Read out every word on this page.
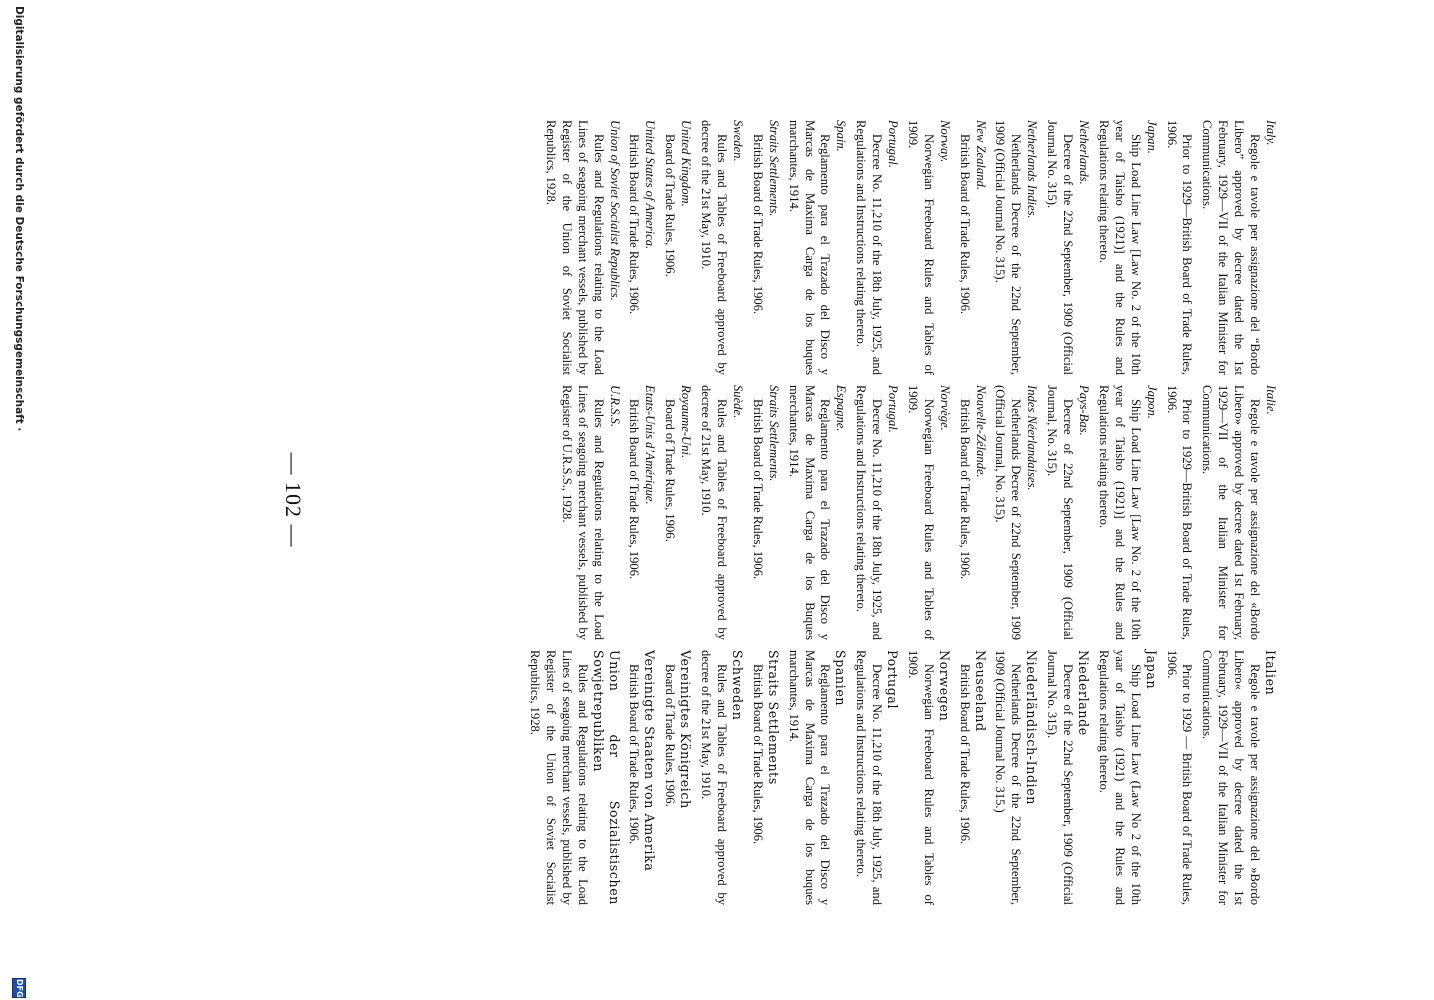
Italy.
Regole e tavole per assignazione del “Bordo Libero” approved by decree dated the 1st February, 1929—VII of the Italian Minister for Communications.
Prior to 1929—British Board of Trade Rules, 1906.
Japan.
Ship Load Line Law [Law No. 2 of the 10th year of Taisho (1921)] and the Rules and Regulations relating thereto.
Netherlands.
Decree of the 22nd September, 1909 (Official Journal No. 315).
Netherlands Indies.
Netherlands Decree of the 22nd September, 1909 (Official Journal No. 315).
New Zealand.
British Board of Trade Rules, 1906.
Norway.
Norwegian Freeboard Rules and Tables of 1909.
Portugal.
Decree No. 11,210 of the 18th July, 1925, and Regulations and Instructions relating thereto.
Spain.
Reglamento para el Trazado del Disco y Marcas de Maxima Carga de los buques marchantes, 1914.
Straits Settlements.
British Board of Trade Rules, 1906.
Sweden.
Rules and Tables of Freeboard approved by decree of the 21st May, 1910.
United Kingdom.
Board of Trade Rules, 1906.
United States of America.
British Board of Trade Rules, 1906.
Union of Soviet Socialist Republics.
Rules and Regulations relating to the Load Lines of seagoing merchant vessels, published by Register of the Union of Soviet Socialist Republics, 1928.
Italie.
Regole e tavole per assignazione del «Bordo Libero» approved by decree dated 1st February, 1929—VII of the Italian Minister for Communications.
Prior to 1929—British Board of Trade Rules, 1906.
Japon.
Ship Load Line Law [Law No. 2 of the 10th year of Taisho (1921)] and the Rules and Regulations relating thereto.
Pays-Bas.
Decree of 22nd September, 1909 (Official Journal, No. 315).
Indes Néerlandaises.
Netherlands Decree of 22nd September, 1909 (Official Journal, No. 315).
Nouvelle-Zélande.
British Board of Trade Rules, 1906.
Norvège.
Norwegian Freeboard Rules and Tables of 1909.
Portugal.
Decree No. 11,210 of the 18th July, 1925, and Regulations and Instructions relating thereto.
Espagne.
Reglamento para el Trazado del Disco y Marcas de Maxima Carga de los Buques merchantes, 1914.
Straits Settlements.
British Board of Trade Rules, 1906.
Suède.
Rules and Tables of Freeboard approved by decree of 21st May, 1910.
Royaume-Uni.
Board of Trade Rules, 1906.
Etats-Unis d’Amérique.
British Board of Trade Rules, 1906.
U.R.S.S.
Rules and Regulations relating to the Load Lines of seagoing merchant vessels, published by Register of U.R.S.S., 1928.
Italien
Regole e tavole per assignazione del »Bordo Libero« approved by decree dated the 1st February, 1929—VII of the Italian Minister for Communications.
Prior to 1929 — British Board of Trade Rules, 1906.
Japan
Ship Load Line Law (Law No 2 of the 10th yaar of Taisho (1921) and the Rules and Regulations relating thereto.
Niederlande
Decree of the 22nd September, 1909 (Official Journal No. 315).
Niederländisch-Indien
Netherlands Decree of the 22nd September, 1909 (Official Journal No. 315.)
Neuseeland
British Board of Trade Rules, 1906.
Norwegen
Norwegian Freeboard Rules and Tables of 1909.
Portugal
Decree No. 11,210 of the 18th July, 1925, and Regulations and Instructions relating thereto.
Spanien
Reglamento para el Trazado del Disco y Marcas de Maxima Carga de los buques marchantes, 1914.
Straits Settlements
British Board of Trade Rules, 1906.
Schweden
Rules and Tables of Freeboard approved by decree of the 21st May, 1910.
Vereinigtes Königreich
Board of Trade Rules, 1906.
Vereinigte Staaten von Amerika
British Board of Trade Rules, 1906.
Union der Sozialistischen Sowjetrepubliken
Rules and Regulations relating to the Load Lines of seagoing merchant vessels, published by Register of the Union of Soviet Socialist Republics, 1928.
— 102 —
Digitalisierung gefördert durch die Deutsche Forschungsgemeinschaft ·
DFG
